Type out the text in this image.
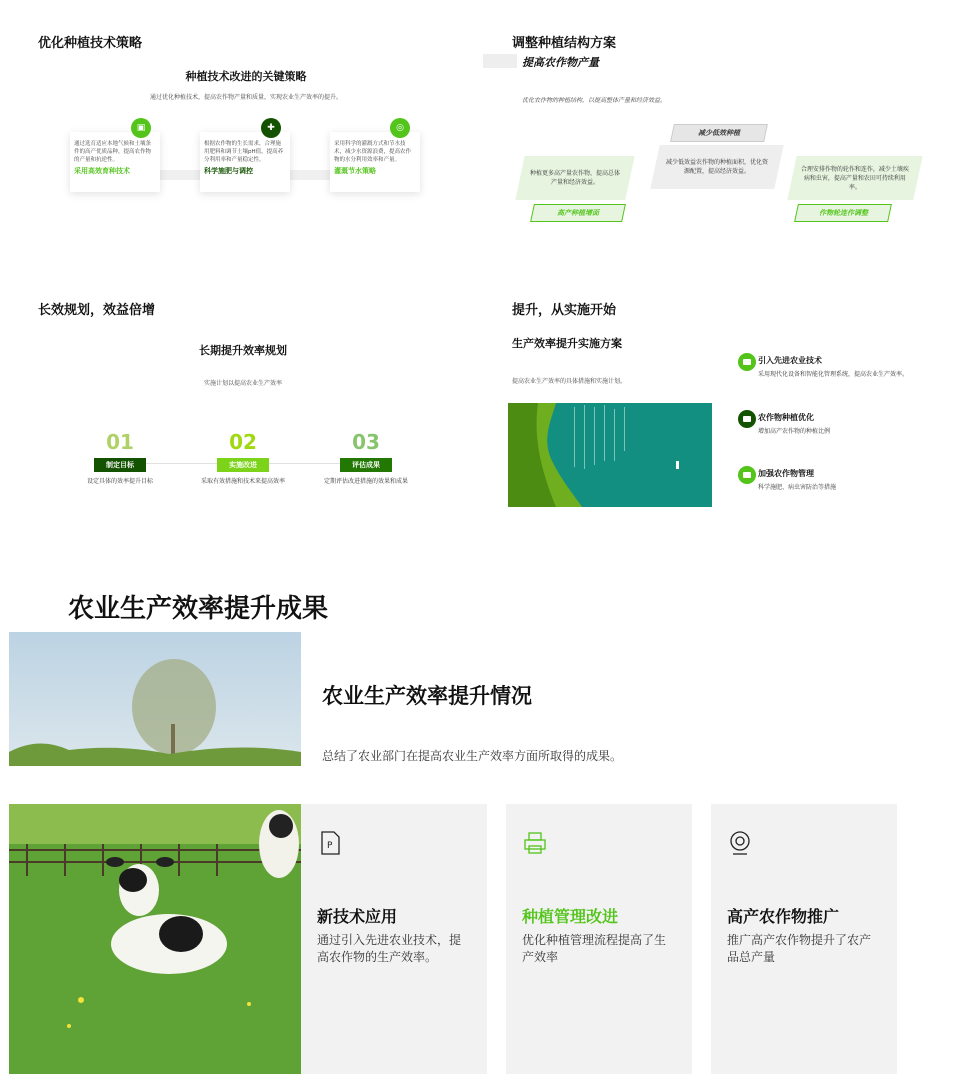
优化种植技术策略
种植技术改进的关键策略
通过优化种植技术，提高农作物产量和质量，实现农业生产效率的提升。
通过选育适应本地气候和土壤条件的高产优质品种，提高农作物的产量和抗逆性。
采用高效育种技术
▣
根据农作物的生长需求，合理施用肥料和调节土壤pH值，提高养分利用率和产量稳定性。
科学施肥与调控
✚
采用科学的灌溉方式和节水技术，减少水资源浪费，提高农作物的水分利用效率和产量。
灌溉节水策略
◎
调整种植结构方案
提高农作物产量
优化农作物的种植结构，以提高整体产量和经济效益。
种植更多高产量农作物，提高总体产量和经济效益。
高产种植增面
减少低效种植
减少低效益农作物的种植面积，优化资源配置，提高经济效益。	合理安排作物的轮作和连作，减少土壤疾病和虫害，提高产量和农田可持续利用率。
作物轮连作调整
长效规划，效益倍增
长期提升效率规划
实施计划以提高农业生产效率
01
制定目标
设定具体的效率提升目标
02
实施改进
采取有效措施和技术来提高效率
03
评估成果
定期评估改进措施的效果和成果
提升，从实施开始
生产效率提升实施方案
提高农业生产效率的具体措施和实施计划。
引入先进农业技术
采用现代化设备和智能化管理系统，提高农业生产效率。
农作物种植优化
增加高产农作物的种植比例
加强农作物管理
科学施肥、病虫害防治等措施
农业生产效率提升成果
农业生产效率提升情况
总结了农业部门在提高农业生产效率方面所取得的成果。
P
新技术应用
通过引入先进农业技术，提高农作物的生产效率。
种植管理改进
优化种植管理流程提高了生产效率
高产农作物推广
推广高产农作物提升了农产品总产量
